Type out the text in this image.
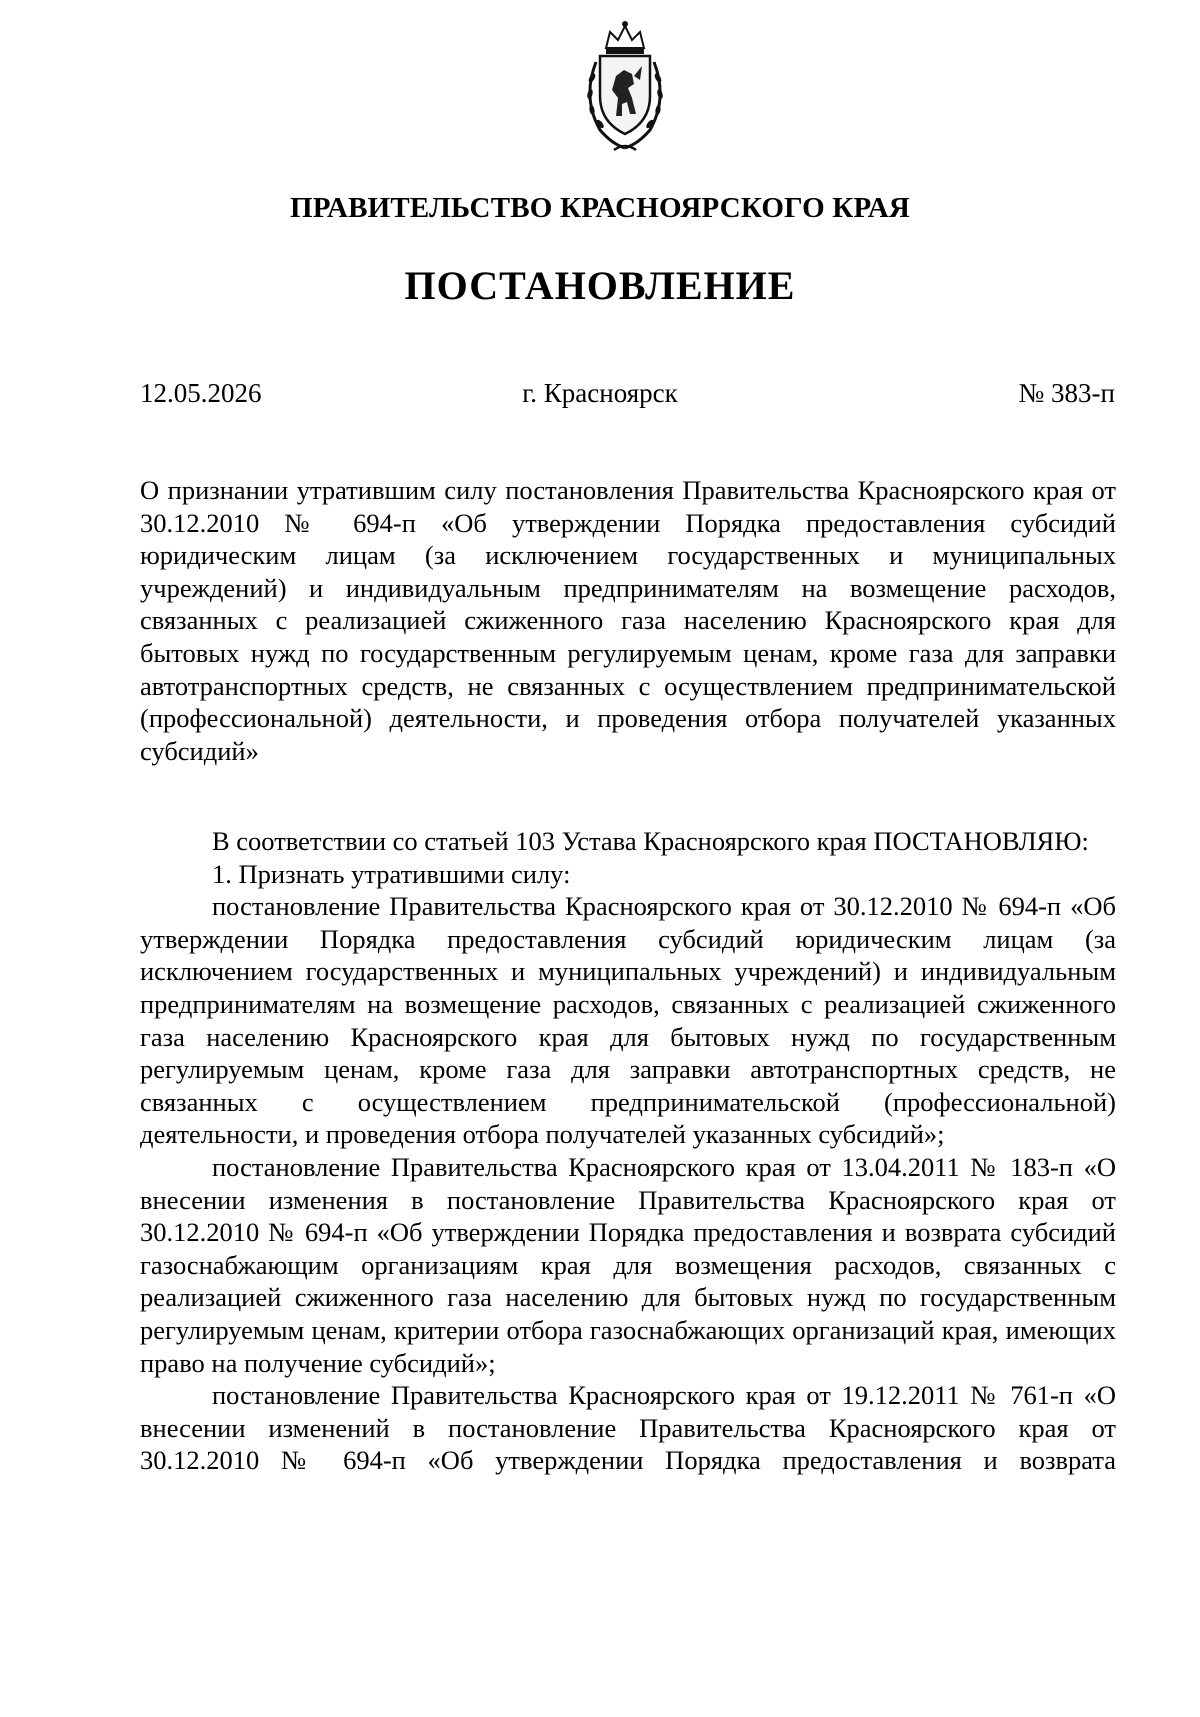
ПРАВИТЕЛЬСТВО КРАСНОЯРСКОГО КРАЯ
ПОСТАНОВЛЕНИЕ
12.05.2026	г. Красноярск	№ 383-п
О признании утратившим силу постановления Правительства Красноярского края от 30.12.2010 № 694-п «Об утверждении Порядка предоставления субсидий юридическим лицам (за исключением государственных и муниципальных учреждений) и индивидуальным предпринимателям на возмещение расходов, связанных с реализацией сжиженного газа населению Красноярского края для бытовых нужд по государственным регулируемым ценам, кроме газа для заправки автотранспортных средств, не связанных с осуществлением предпринимательской (профессиональной) деятельности, и проведения отбора получателей указанных субсидий»

В соответствии со статьей 103 Устава Красноярского края ПОСТАНОВЛЯЮ:

1. Признать утратившими силу:

постановление Правительства Красноярского края от 30.12.2010 № 694-п «Об утверждении Порядка предоставления субсидий юридическим лицам (за исключением государственных и муниципальных учреждений) и индивидуальным предпринимателям на возмещение расходов, связанных с реализацией сжиженного газа населению Красноярского края для бытовых нужд по государственным регулируемым ценам, кроме газа для заправки автотранспортных средств, не связанных с осуществлением предпринимательской (профессиональной) деятельности, и проведения отбора получателей указанных субсидий»;

постановление Правительства Красноярского края от 13.04.2011 № 183-п «О внесении изменения в постановление Правительства Красноярского края от 30.12.2010 № 694-п «Об утверждении Порядка предоставления и возврата субсидий газоснабжающим организациям края для возмещения расходов, связанных с реализацией сжиженного газа населению для бытовых нужд по государственным регулируемым ценам, критерии отбора газоснабжающих организаций края, имеющих право на получение субсидий»;

постановление Правительства Красноярского края от 19.12.2011 № 761-п «О внесении изменений в постановление Правительства Красноярского края от 30.12.2010 № 694-п «Об утверждении Порядка предоставления и возврата
